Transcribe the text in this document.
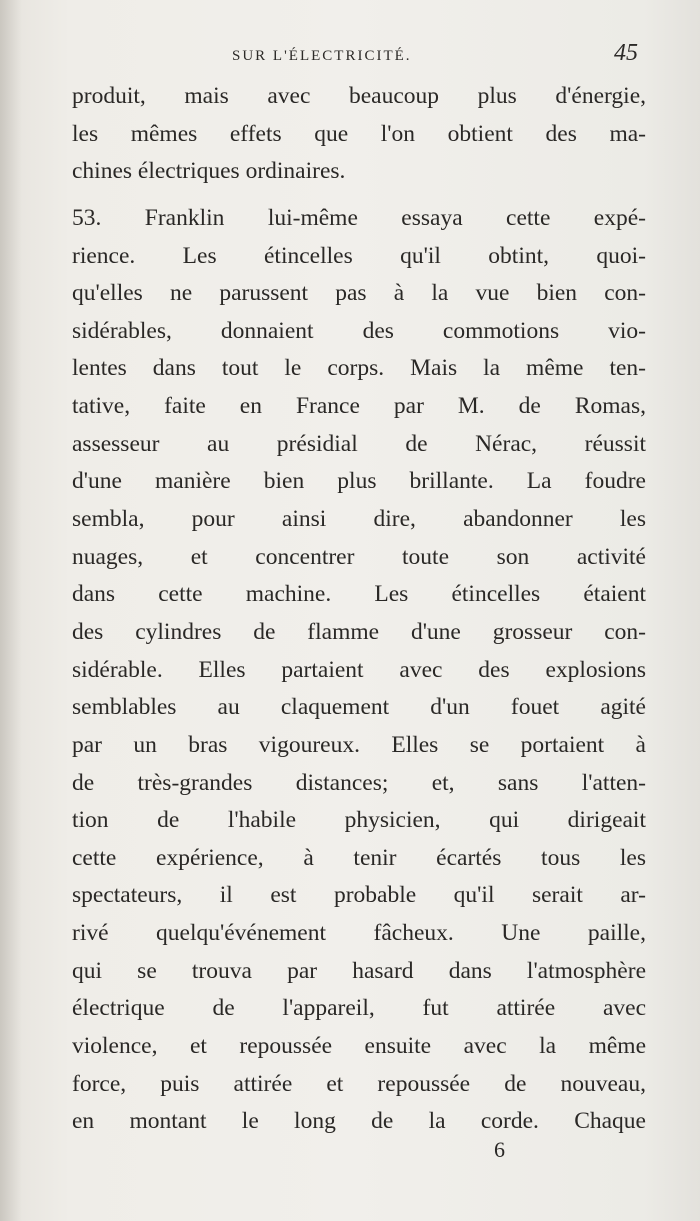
SUR L'ÉLECTRICITÉ.	45
produit, mais avec beaucoup plus d'énergie,
les mêmes effets que l'on obtient des ma-
chines électriques ordinaires.
53. Franklin lui-même essaya cette expé-
rience. Les étincelles qu'il obtint, quoi-
qu'elles ne parussent pas à la vue bien con-
sidérables, donnaient des commotions vio-
lentes dans tout le corps. Mais la même ten-
tative, faite en France par M. de Romas,
assesseur au présidial de Nérac, réussit
d'une manière bien plus brillante. La foudre
sembla, pour ainsi dire, abandonner les
nuages, et concentrer toute son activité
dans cette machine. Les étincelles étaient
des cylindres de flamme d'une grosseur con-
sidérable. Elles partaient avec des explosions
semblables au claquement d'un fouet agité
par un bras vigoureux. Elles se portaient à
de très-grandes distances; et, sans l'atten-
tion de l'habile physicien, qui dirigeait
cette expérience, à tenir écartés tous les
spectateurs, il est probable qu'il serait ar-
rivé quelqu'événement fâcheux. Une paille,
qui se trouva par hasard dans l'atmosphère
électrique de l'appareil, fut attirée avec
violence, et repoussée ensuite avec la même
force, puis attirée et repoussée de nouveau,
en montant le long de la corde. Chaque
6
